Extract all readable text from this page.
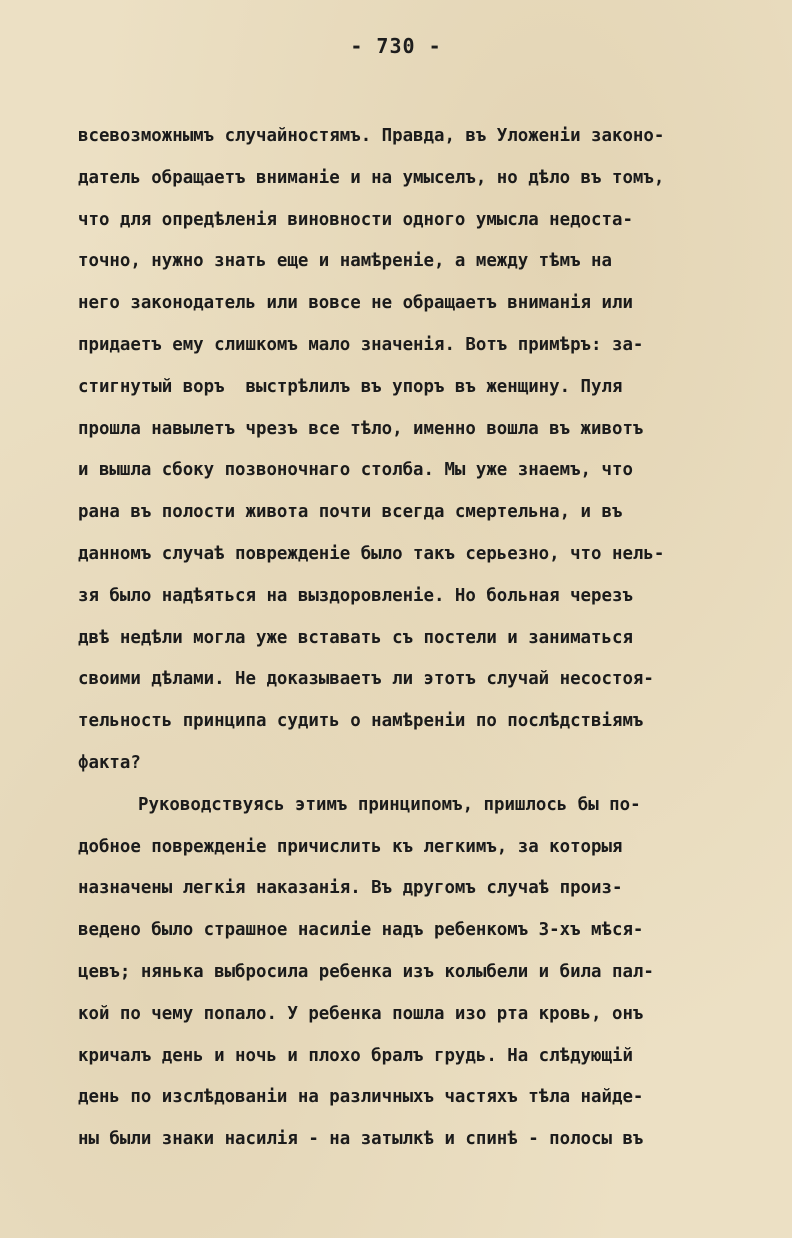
- 730 -
всевозможнымъ случайностямъ. Правда, въ Уложенiи законо-
датель обращаетъ вниманiе и на умыселъ, но дѣло въ томъ,
что для опредѣленiя виновности одного умысла недоста-
точно, нужно знать еще и намѣренiе, а между тѣмъ на
него законодатель или вовсе не обращаетъ вниманiя или
придаетъ ему слишкомъ мало значенiя. Вотъ примѣръ: за-
стигнутый воръ  выстрѣлилъ въ упоръ въ женщину. Пуля
прошла навылетъ чрезъ все тѣло, именно вошла въ животъ
и вышла сбоку позвоночнаго столба. Мы уже знаемъ, что
рана въ полости живота почти всегда смертельна, и въ
данномъ случаѣ поврежденiе было такъ серьезно, что нель-
зя было надѣяться на выздоровленiе. Но больная черезъ
двѣ недѣли могла уже вставать съ постели и заниматься
своими дѣлами. Не доказываетъ ли этотъ случай несостоя-
тельность принципа судить о намѣренiи по послѣдствiямъ
факта?
Руководствуясь этимъ принципомъ, пришлось бы по-
добное поврежденiе причислить къ легкимъ, за которыя
назначены легкiя наказанiя. Въ другомъ случаѣ произ-
ведено было страшное насилiе надъ ребенкомъ 3-хъ мѣся-
цевъ; нянька выбросила ребенка изъ колыбели и била пал-
кой по чему попало. У ребенка пошла изо рта кровь, онъ
кричалъ день и ночь и плохо бралъ грудь. На слѣдующiй
день по изслѣдованiи на различныхъ частяхъ тѣла найде-
ны были знаки насилiя - на затылкѣ и спинѣ - полосы въ
